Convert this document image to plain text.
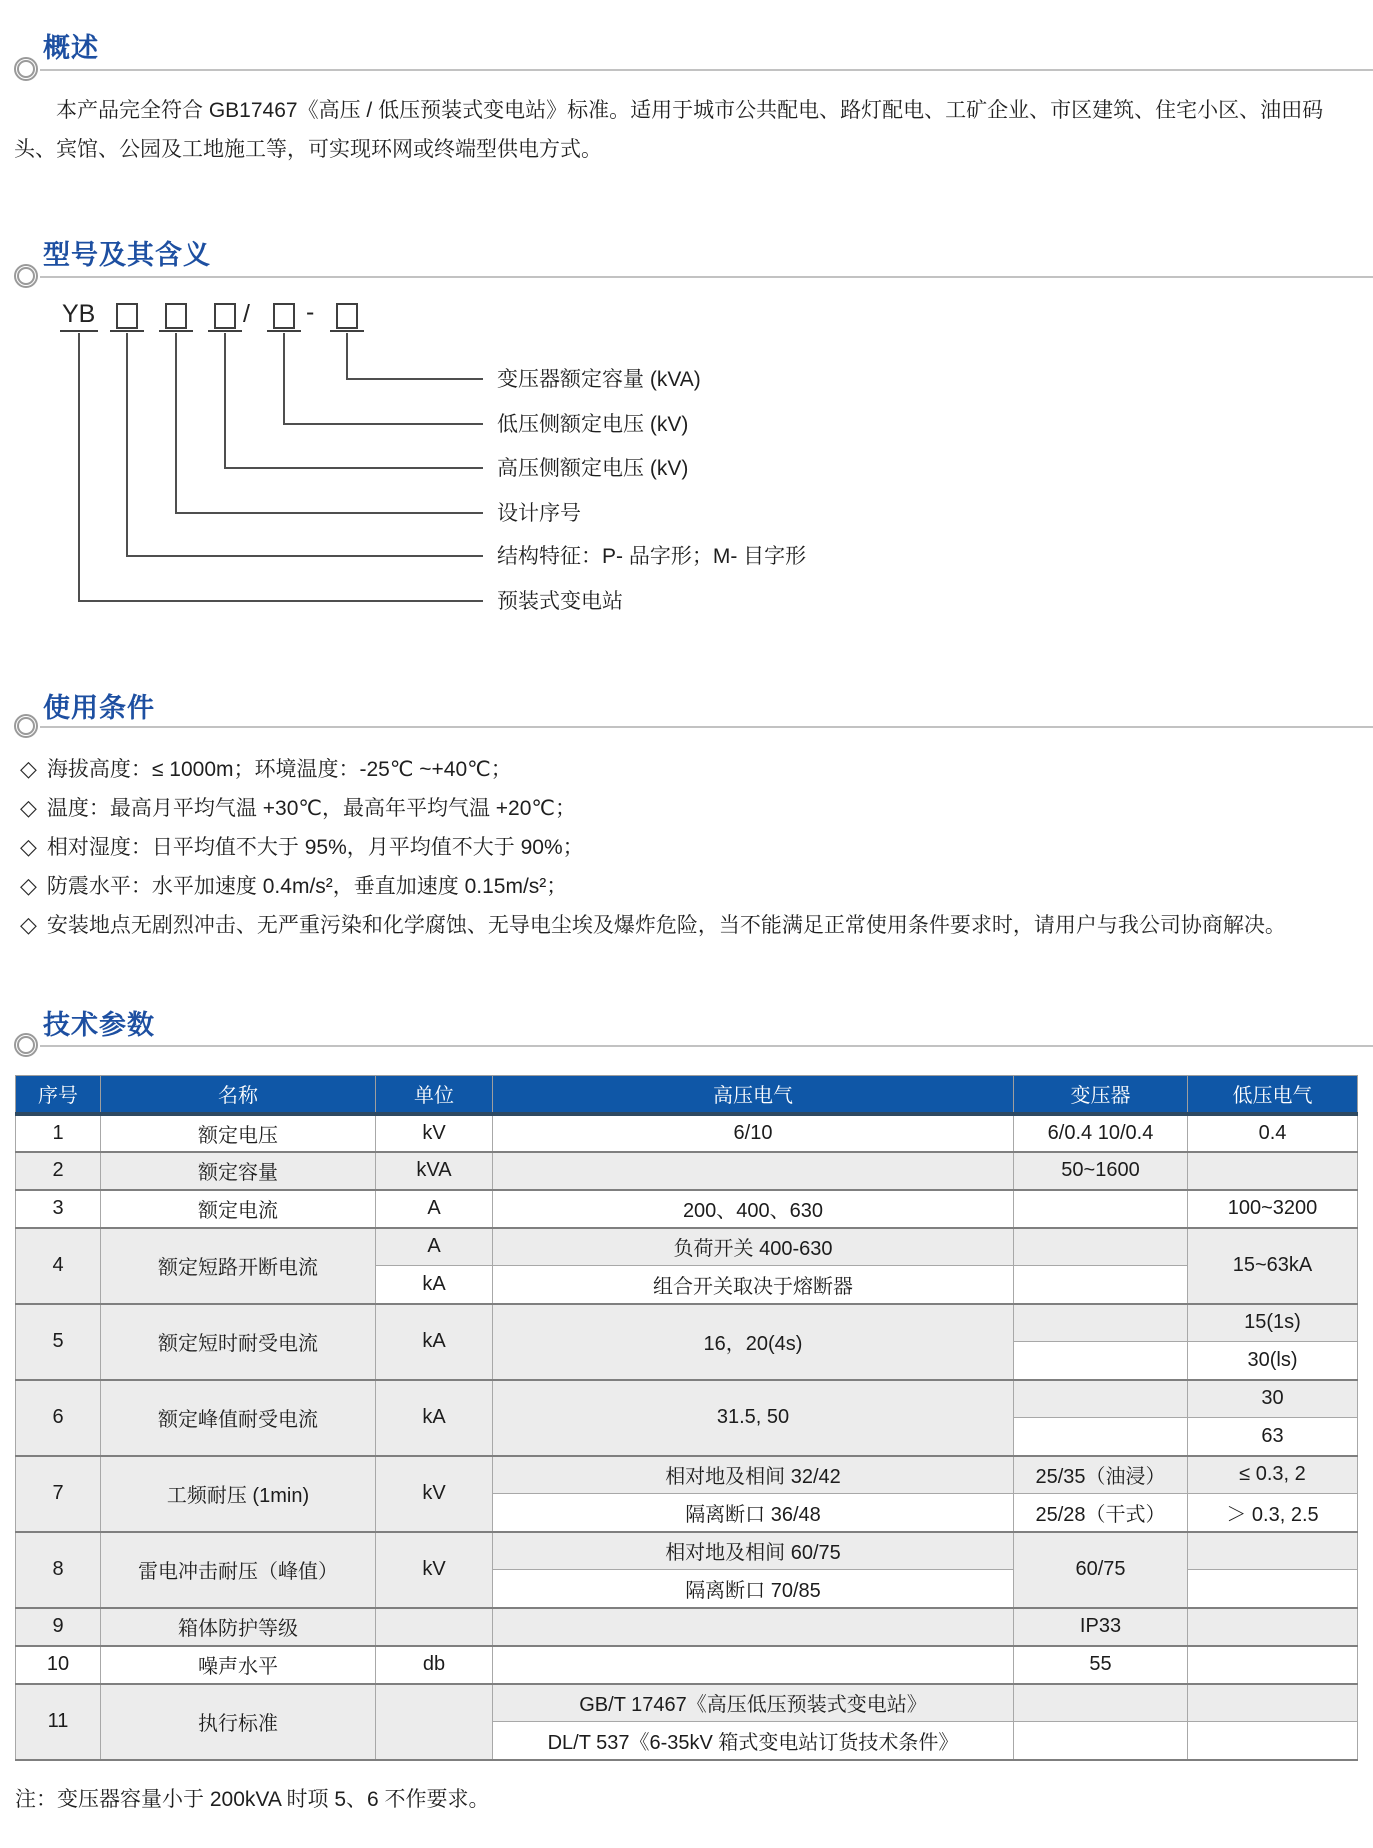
概述
本产品完全符合 GB17467《高压 / 低压预装式变电站》标准。适用于城市公共配电、路灯配电、工矿企业、市区建筑、住宅小区、油田码头、宾馆、公园及工地施工等，可实现环网或终端型供电方式。
型号及其含义
YB	/ -
变压器额定容量 (kVA)
低压侧额定电压 (kV)
高压侧额定电压 (kV)
设计序号
结构特征：P- 品字形；M- 目字形
预装式变电站
使用条件
◇ 海拔高度：≤ 1000m；环境温度：-25℃ ~+40℃；
◇ 温度：最高月平均气温 +30℃，最高年平均气温 +20℃；
◇ 相对湿度：日平均值不大于 95%，月平均值不大于 90%；
◇ 防震水平：水平加速度 0.4m/s²，垂直加速度 0.15m/s²；
◇ 安装地点无剧烈冲击、无严重污染和化学腐蚀、无导电尘埃及爆炸危险，当不能满足正常使用条件要求时，请用户与我公司协商解决。
技术参数
序号	名称	单位	高压电气	变压器	低压电气
1	额定电压	kV	6/10	6/0.4 10/0.4	0.4
2	额定容量	kVA		50~1600	
3	额定电流	A	200、400、630		100~3200
4	额定短路开断电流	A	负荷开关 400-630		15~63kA
		kA	组合开关取决于熔断器		
5	额定短时耐受电流	kA	16，20(4s)		15(1s)
					30(ls)
6	额定峰值耐受电流	kA	31.5, 50		30
					63
7	工频耐压 (1min)	kV	相对地及相间 32/42	25/35（油浸）	≤ 0.3, 2
			隔离断口 36/48	25/28（干式）	＞ 0.3, 2.5
8	雷电冲击耐压（峰值）	kV	相对地及相间 60/75	60/75	
			隔离断口 70/85		
9	箱体防护等级			IP33	
10	噪声水平	db		55	
11	执行标准		GB/T 17467《高压低压预装式变电站》		
			DL/T 537《6-35kV 箱式变电站订货技术条件》		
注：变压器容量小于 200kVA 时项 5、6 不作要求。
